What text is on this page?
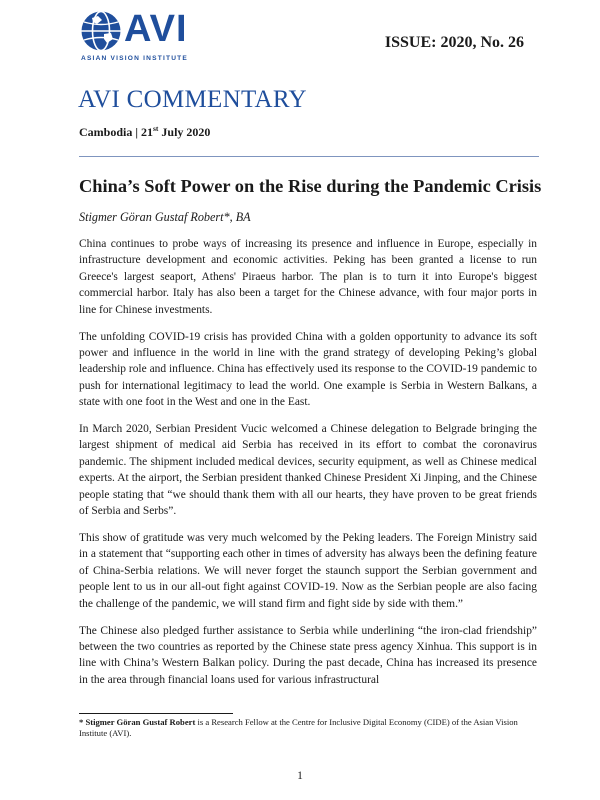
AVI
ASIAN VISION INSTITUTE
ISSUE: 2020, No. 26
AVI COMMENTARY
Cambodia | 21st July 2020
China’s Soft Power on the Rise during the Pandemic Crisis
Stigmer Göran Gustaf Robert*, BA

China continues to probe ways of increasing its presence and influence in Europe, especially in infrastructure development and economic activities. Peking has been granted a license to run Greece's largest seaport, Athens' Piraeus harbor. The plan is to turn it into Europe's biggest commercial harbor. Italy has also been a target for the Chinese advance, with four major ports in line for Chinese investments.

The unfolding COVID-19 crisis has provided China with a golden opportunity to advance its soft power and influence in the world in line with the grand strategy of developing Peking’s global leadership role and influence. China has effectively used its response to the COVID-19 pandemic to push for international legitimacy to lead the world. One example is Serbia in Western Balkans, a state with one foot in the West and one in the East.

In March 2020, Serbian President Vucic welcomed a Chinese delegation to Belgrade bringing the largest shipment of medical aid Serbia has received in its effort to combat the coronavirus pandemic. The shipment included medical devices, security equipment, as well as Chinese medical experts. At the airport, the Serbian president thanked Chinese President Xi Jinping, and the Chinese people stating that “we should thank them with all our hearts, they have proven to be great friends of Serbia and Serbs”.

This show of gratitude was very much welcomed by the Peking leaders. The Foreign Ministry said in a statement that “supporting each other in times of adversity has always been the defining feature of China-Serbia relations. We will never forget the staunch support the Serbian government and people lent to us in our all-out fight against COVID-19. Now as the Serbian people are also facing the challenge of the pandemic, we will stand firm and fight side by side with them.”

The Chinese also pledged further assistance to Serbia while underlining “the iron-clad friendship” between the two countries as reported by the Chinese state press agency Xinhua. This support is in line with China’s Western Balkan policy. During the past decade, China has increased its presence in the area through financial loans used for various infrastructural

* Stigmer Göran Gustaf Robert is a Research Fellow at the Centre for Inclusive Digital Economy (CIDE) of the Asian Vision Institute (AVI).
1
